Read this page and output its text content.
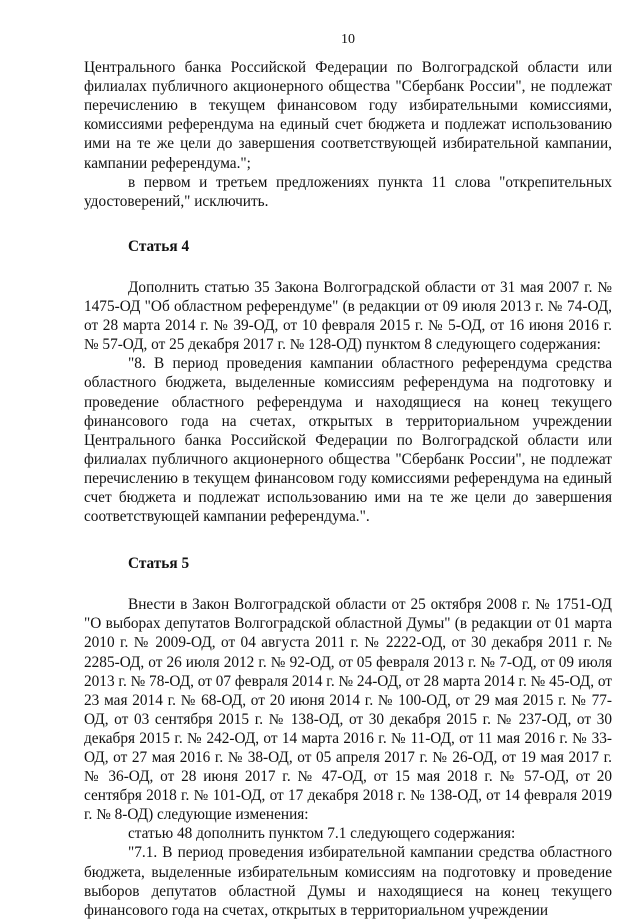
10

Центрального банка Российской Федерации по Волгоградской области или филиалах публичного акционерного общества "Сбербанк России", не подлежат перечислению в текущем финансовом году избирательными комиссиями, комиссиями референдума на единый счет бюджета и подлежат использованию ими на те же цели до завершения соответствующей избирательной кампании, кампании референдума.";

в первом и третьем предложениях пункта 11 слова "открепительных удостоверений," исключить.

Статья 4

Дополнить статью 35 Закона Волгоградской области от 31 мая 2007 г. № 1475-ОД "Об областном референдуме" (в редакции от 09 июля 2013 г. № 74-ОД, от 28 марта 2014 г. № 39-ОД, от 10 февраля 2015 г. № 5-ОД, от 16 июня 2016 г. № 57-ОД, от 25 декабря 2017 г. № 128-ОД) пунктом 8 следующего содержания:

"8. В период проведения кампании областного референдума средства областного бюджета, выделенные комиссиям референдума на подготовку и проведение областного референдума и находящиеся на конец текущего финансового года на счетах, открытых в территориальном учреждении Центрального банка Российской Федерации по Волгоградской области или филиалах публичного акционерного общества "Сбербанк России", не подлежат перечислению в текущем финансовом году комиссиями референдума на единый счет бюджета и подлежат использованию ими на те же цели до завершения соответствующей кампании референдума.".

Статья 5

Внести в Закон Волгоградской области от 25 октября 2008 г. № 1751-ОД "О выборах депутатов Волгоградской областной Думы" (в редакции от 01 марта 2010 г. № 2009-ОД, от 04 августа 2011 г. № 2222-ОД, от 30 декабря 2011 г. № 2285-ОД, от 26 июля 2012 г. № 92-ОД, от 05 февраля 2013 г. № 7-ОД, от 09 июля 2013 г. № 78-ОД, от 07 февраля 2014 г. № 24-ОД, от 28 марта 2014 г. № 45-ОД, от 23 мая 2014 г. № 68-ОД, от 20 июня 2014 г. № 100-ОД, от 29 мая 2015 г. № 77-ОД, от 03 сентября 2015 г. № 138-ОД, от 30 декабря 2015 г. № 237-ОД, от 30 декабря 2015 г. № 242-ОД, от 14 марта 2016 г. № 11-ОД, от 11 мая 2016 г. № 33-ОД, от 27 мая 2016 г. № 38-ОД, от 05 апреля 2017 г. № 26-ОД, от 19 мая 2017 г. № 36-ОД, от 28 июня 2017 г. № 47-ОД, от 15 мая 2018 г. № 57-ОД, от 20 сентября 2018 г. № 101-ОД, от 17 декабря 2018 г. № 138-ОД, от 14 февраля 2019 г. № 8-ОД) следующие изменения:

статью 48 дополнить пунктом 7.1 следующего содержания:

"7.1. В период проведения избирательной кампании средства областного бюджета, выделенные избирательным комиссиям на подготовку и проведение выборов депутатов областной Думы и находящиеся на конец текущего финансового года на счетах, открытых в территориальном учреждении
